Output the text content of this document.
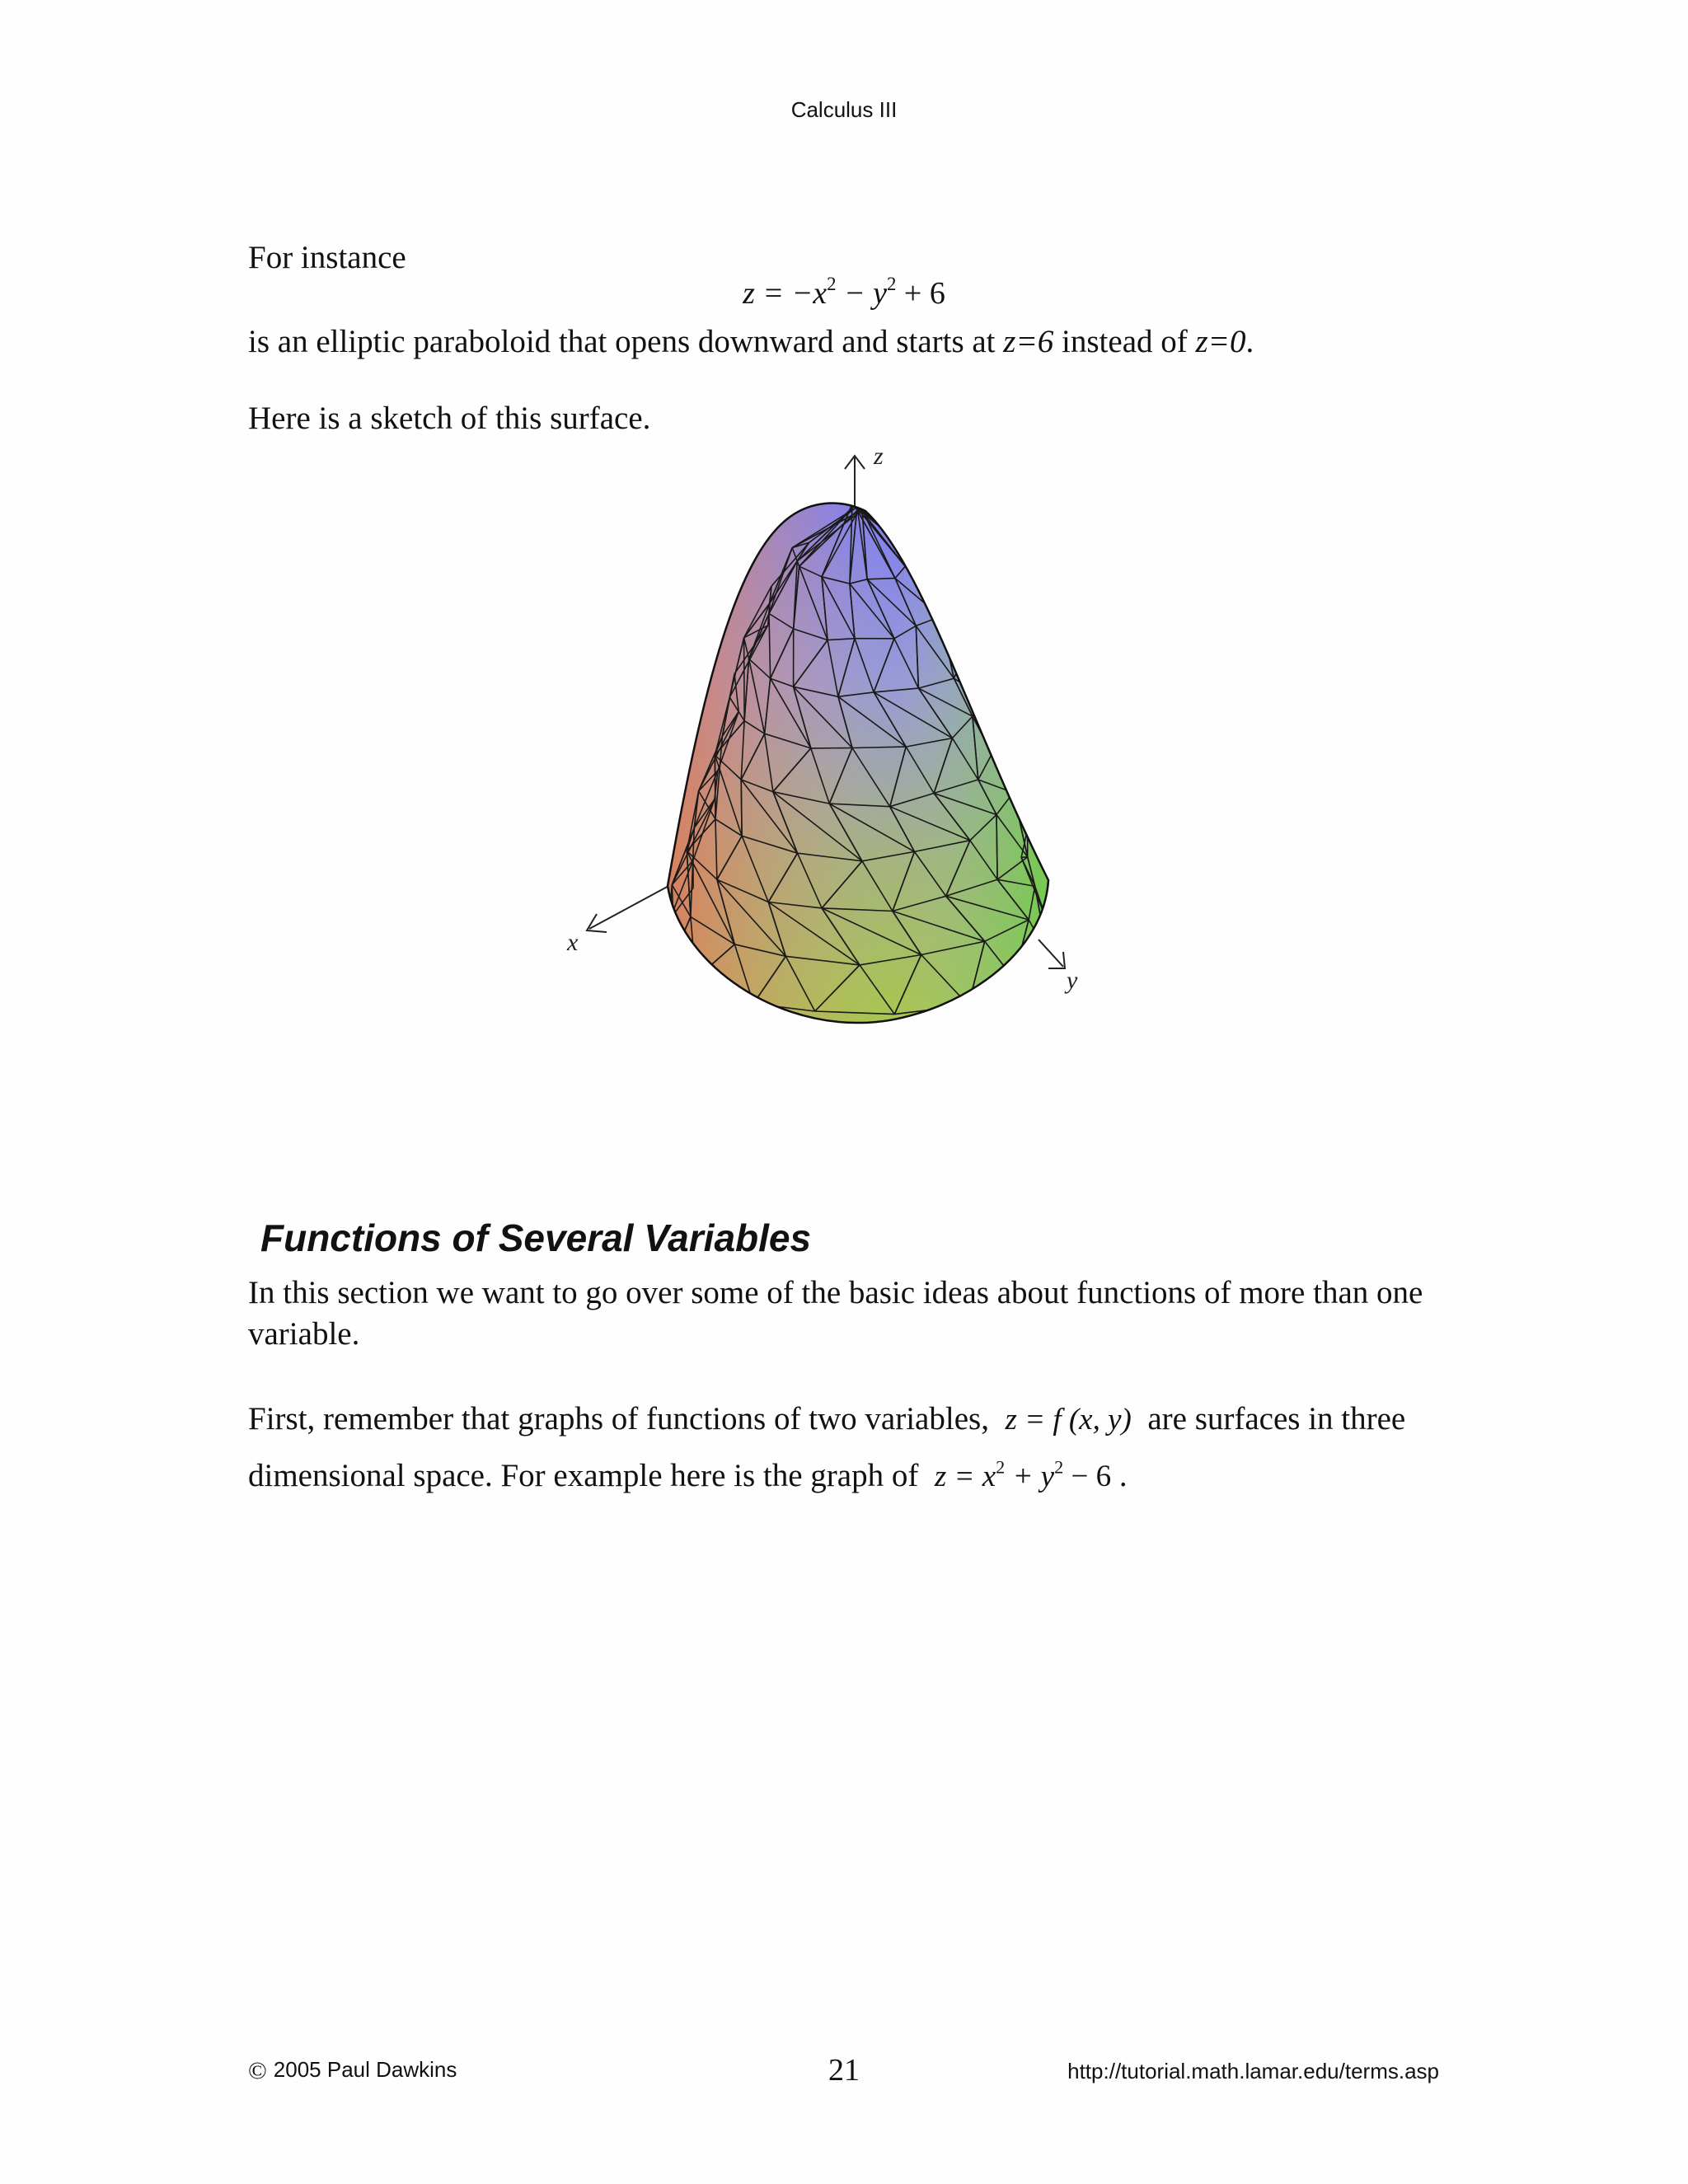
Calculus III

For instance

$z = -x^2 - y^2 + 6$

is an elliptic paraboloid that opens downward and starts at z=6 instead of z=0.

Here is a sketch of this surface.

z
x
y
Functions of Several Variables

In this section we want to go over some of the basic ideas about functions of more than one variable.

First, remember that graphs of functions of two variables, z = f (x, y) are surfaces in three dimensional space. For example here is the graph of $z = x^2 + y^2 - 6$ .

© 2005 Paul Dawkins	21	http://tutorial.math.lamar.edu/terms.asp
